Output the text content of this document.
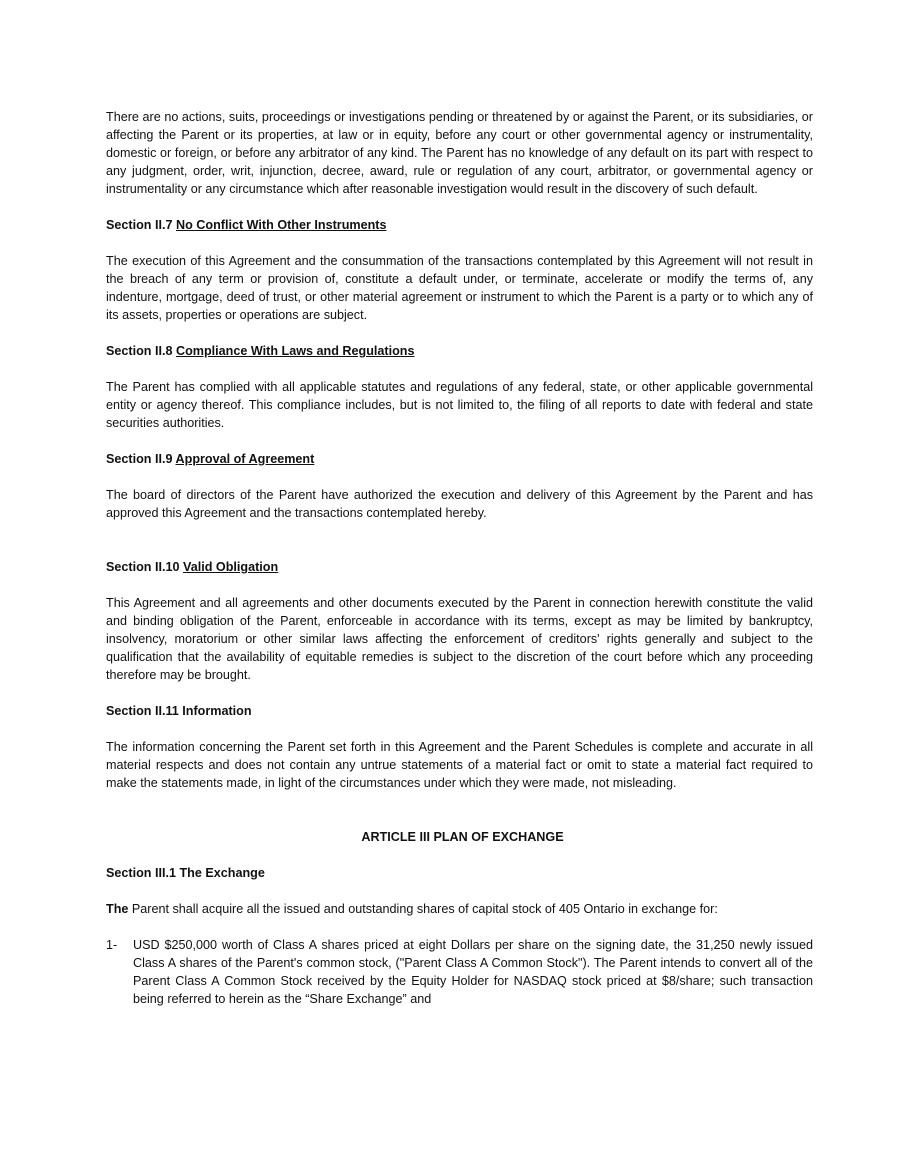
There are no actions, suits, proceedings or investigations pending or threatened by or against the Parent, or its subsidiaries, or affecting the Parent or its properties, at law or in equity, before any court or other governmental agency or instrumentality, domestic or foreign, or before any arbitrator of any kind. The Parent has no knowledge of any default on its part with respect to any judgment, order, writ, injunction, decree, award, rule or regulation of any court, arbitrator, or governmental agency or instrumentality or any circumstance which after reasonable investigation would result in the discovery of such default.

Section II.7 No Conflict With Other Instruments

The execution of this Agreement and the consummation of the transactions contemplated by this Agreement will not result in the breach of any term or provision of, constitute a default under, or terminate, accelerate or modify the terms of, any indenture, mortgage, deed of trust, or other material agreement or instrument to which the Parent is a party or to which any of its assets, properties or operations are subject.

Section II.8 Compliance With Laws and Regulations

The Parent has complied with all applicable statutes and regulations of any federal, state, or other applicable governmental entity or agency thereof. This compliance includes, but is not limited to, the filing of all reports to date with federal and state securities authorities.

Section II.9 Approval of Agreement

The board of directors of the Parent have authorized the execution and delivery of this Agreement by the Parent and has approved this Agreement and the transactions contemplated hereby.

Section II.10 Valid Obligation

This Agreement and all agreements and other documents executed by the Parent in connection herewith constitute the valid and binding obligation of the Parent, enforceable in accordance with its terms, except as may be limited by bankruptcy, insolvency, moratorium or other similar laws affecting the enforcement of creditors' rights generally and subject to the qualification that the availability of equitable remedies is subject to the discretion of the court before which any proceeding therefore may be brought.

Section II.11 Information

The information concerning the Parent set forth in this Agreement and the Parent Schedules is complete and accurate in all material respects and does not contain any untrue statements of a material fact or omit to state a material fact required to make the statements made, in light of the circumstances under which they were made, not misleading.

ARTICLE III PLAN OF EXCHANGE

Section III.1 The Exchange

The Parent shall acquire all the issued and outstanding shares of capital stock of 405 Ontario in exchange for:

1- USD $250,000 worth of Class A shares priced at eight Dollars per share on the signing date, the 31,250 newly issued Class A shares of the Parent's common stock, ("Parent Class A Common Stock"). The Parent intends to convert all of the Parent Class A Common Stock received by the Equity Holder for NASDAQ stock priced at $8/share; such transaction being referred to herein as the “Share Exchange” and
